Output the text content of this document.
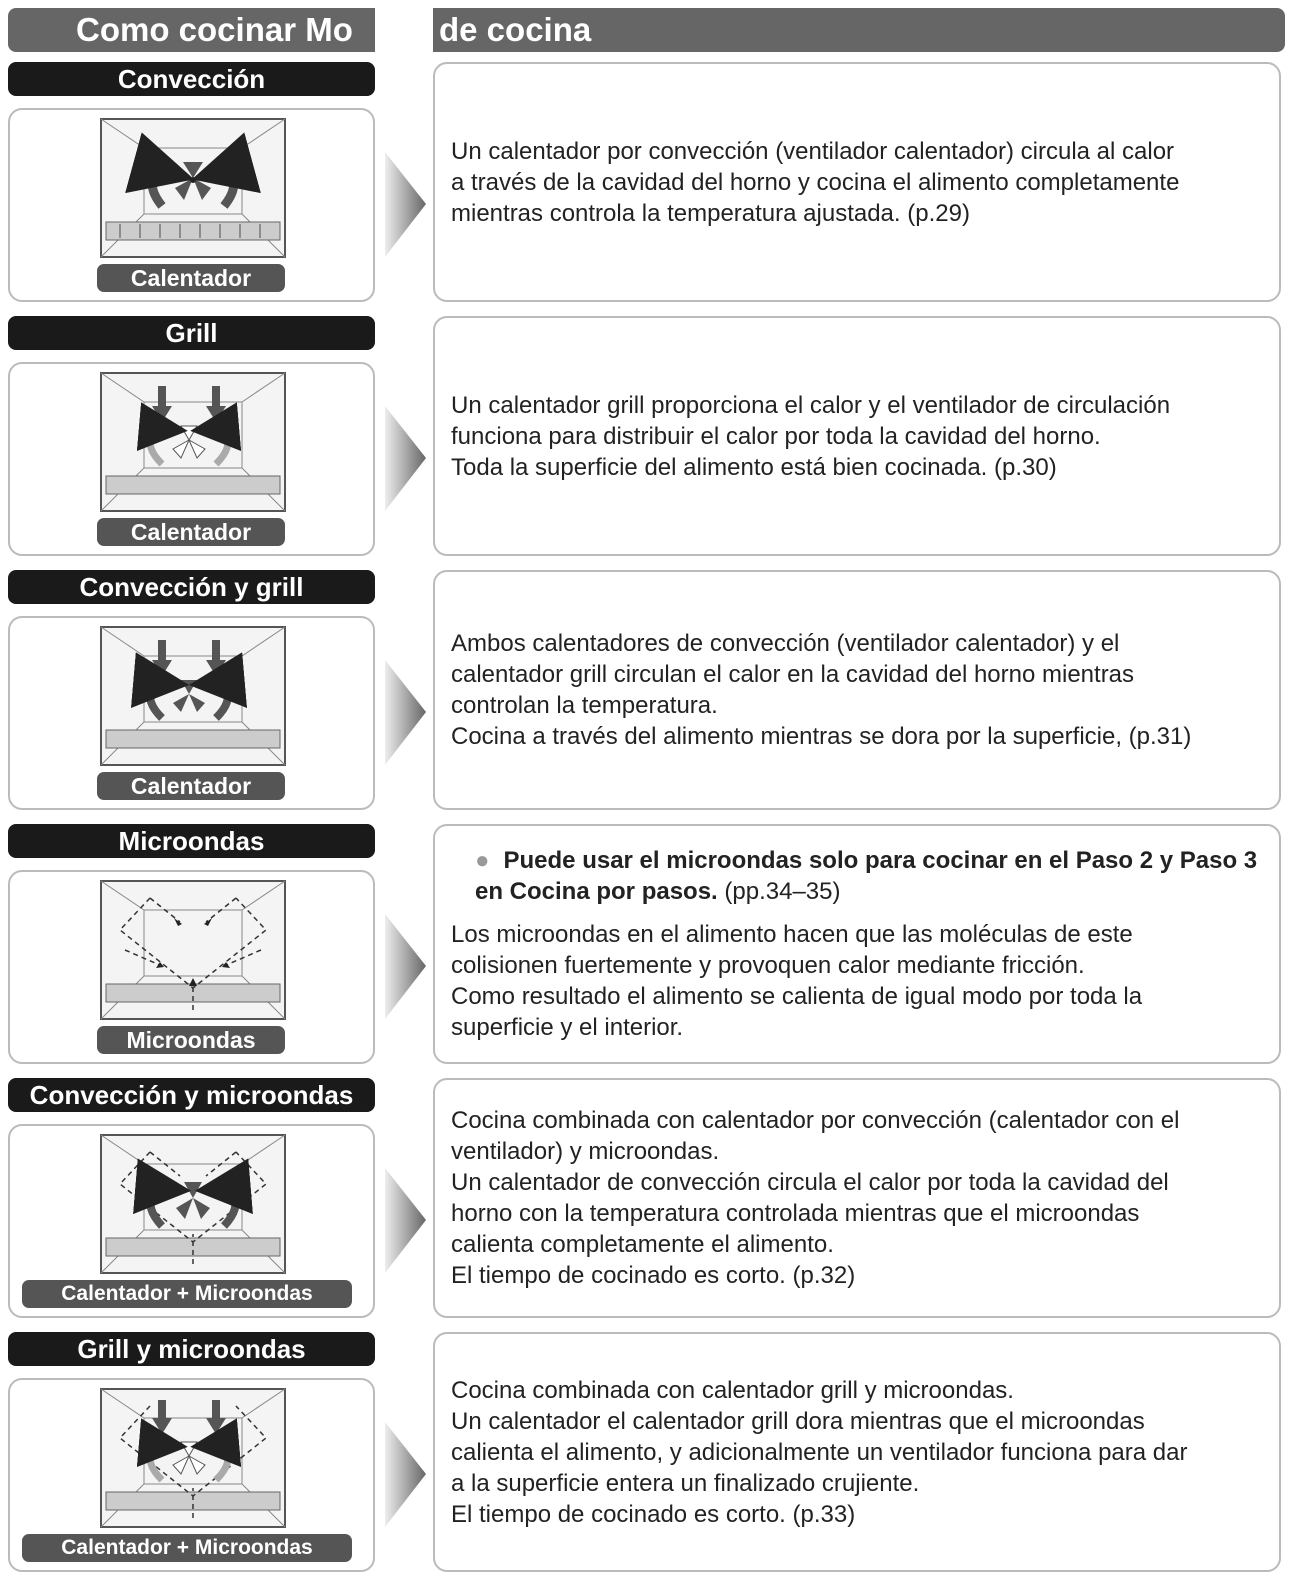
Como cocinar Mo	de cocina
Convección
Calentador
Un calentador por convección (ventilador calentador) circula al calor
a través de la cavidad del horno y cocina el alimento completamente
mientras controla la temperatura ajustada. (p.29)
Grill
Calentador
Un calentador grill proporciona el calor y el ventilador de circulación
funciona para distribuir el calor por toda la cavidad del horno.
Toda la superficie del alimento está bien cocinada. (p.30)
Convección y grill
Calentador
Ambos calentadores de convección (ventilador calentador) y el
calentador grill circulan el calor en la cavidad del horno mientras
controlan la temperatura.
Cocina a través del alimento mientras se dora por la superficie, (p.31)
Microondas
Microondas
● Puede usar el microondas solo para cocinar en el Paso 2 y Paso 3 en Cocina por pasos. (pp.34–35)
Los microondas en el alimento hacen que las moléculas de este
colisionen fuertemente y provoquen calor mediante fricción.
Como resultado el alimento se calienta de igual modo por toda la
superficie y el interior.
Convección y microondas
Calentador + Microondas
Cocina combinada con calentador por convección (calentador con el
ventilador) y microondas.
Un calentador de convección circula el calor por toda la cavidad del
horno con la temperatura controlada mientras que el microondas
calienta completamente el alimento.
El tiempo de cocinado es corto. (p.32)
Grill y microondas
Calentador + Microondas
Cocina combinada con calentador grill y microondas.
Un calentador el calentador grill dora mientras que el microondas
calienta el alimento, y adicionalmente un ventilador funciona para dar
a la superficie entera un finalizado crujiente.
El tiempo de cocinado es corto. (p.33)
